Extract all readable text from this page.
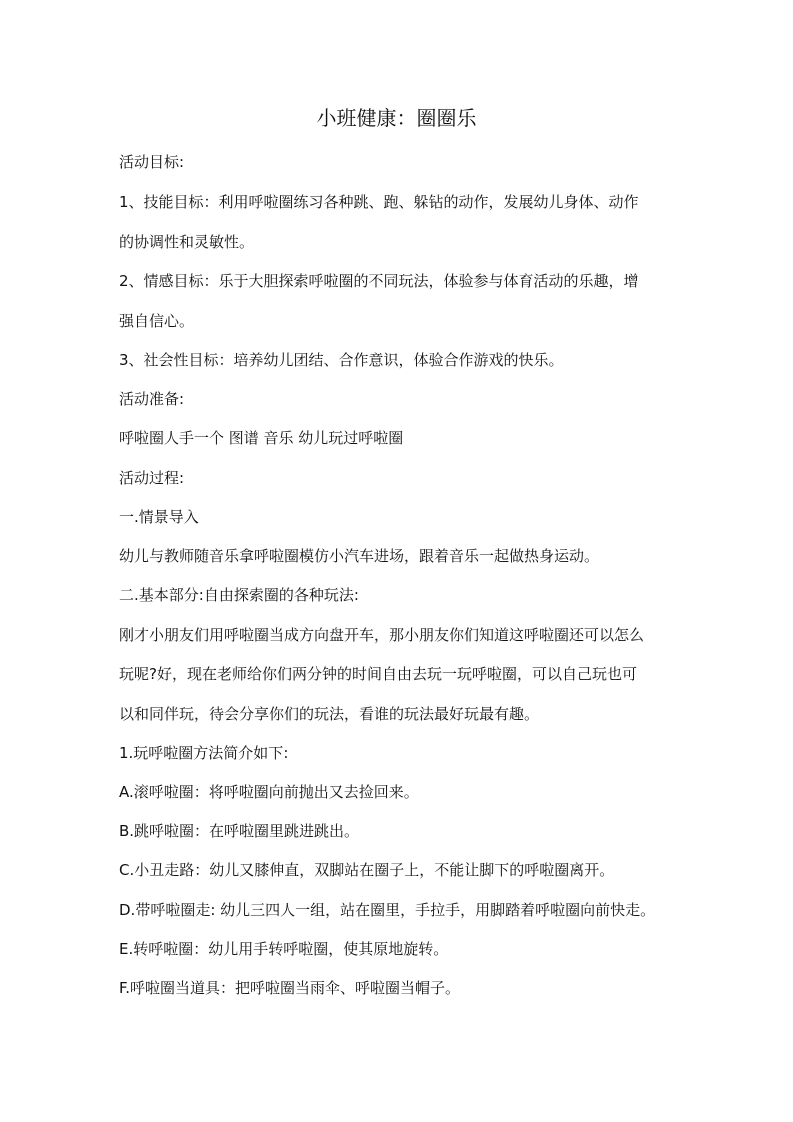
小班健康：圈圈乐
活动目标:
1、技能目标：利用呼啦圈练习各种跳、跑、躲钻的动作，发展幼儿身体、动作
的协调性和灵敏性。
2、情感目标：乐于大胆探索呼啦圈的不同玩法，体验参与体育活动的乐趣，增
强自信心。
3、社会性目标：培养幼儿团结、合作意识，体验合作游戏的快乐。
活动准备:
呼啦圈人手一个 图谱 音乐 幼儿玩过呼啦圈
活动过程:
一.情景导入
幼儿与教师随音乐拿呼啦圈模仿小汽车进场，跟着音乐一起做热身运动。
二.基本部分:自由探索圈的各种玩法:
刚才小朋友们用呼啦圈当成方向盘开车，那小朋友你们知道这呼啦圈还可以怎么
玩呢?好，现在老师给你们两分钟的时间自由去玩一玩呼啦圈，可以自己玩也可
以和同伴玩，待会分享你们的玩法，看谁的玩法最好玩最有趣。
1.玩呼啦圈方法简介如下:
A.滚呼啦圈：将呼啦圈向前抛出又去捡回来。
B.跳呼啦圈：在呼啦圈里跳进跳出。
C.小丑走路：幼儿又膝伸直，双脚站在圈子上，不能让脚下的呼啦圈离开。
D.带呼啦圈走: 幼儿三四人一组，站在圈里，手拉手，用脚踏着呼啦圈向前快走。
E.转呼啦圈：幼儿用手转呼啦圈，使其原地旋转。
F.呼啦圈当道具：把呼啦圈当雨伞、呼啦圈当帽子。
